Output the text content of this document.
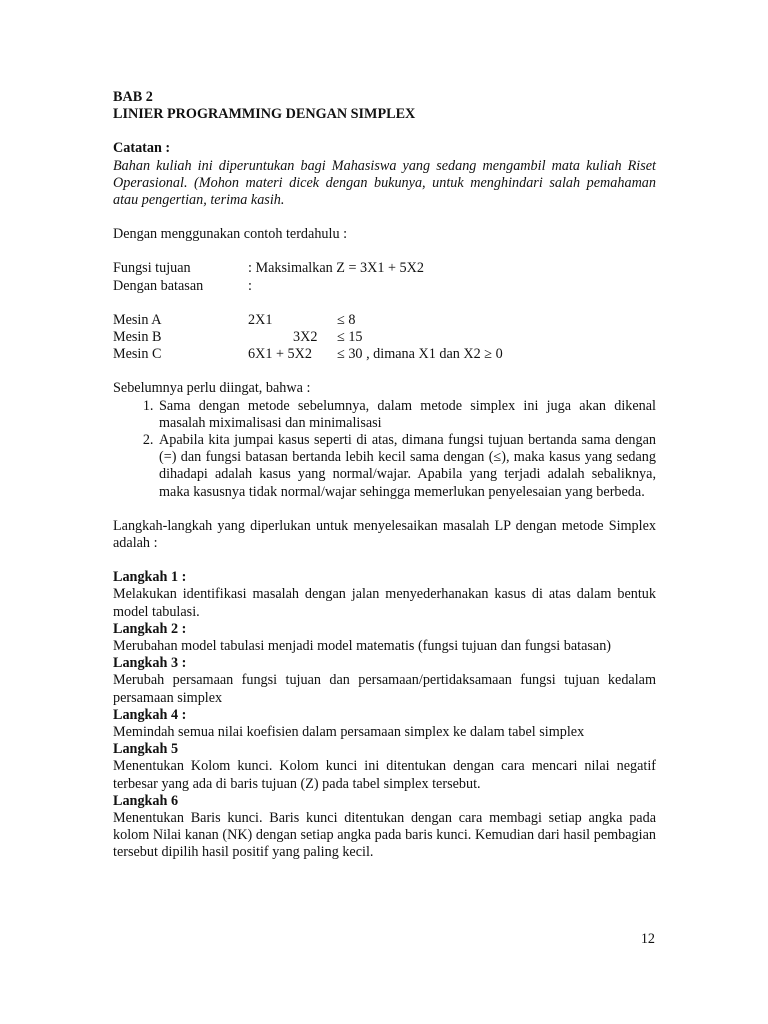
BAB 2

LINIER PROGRAMMING DENGAN SIMPLEX

Catatan :

Bahan kuliah ini diperuntukan bagi Mahasiswa yang sedang mengambil mata kuliah Riset Operasional. (Mohon materi dicek dengan bukunya, untuk menghindari salah pemahaman atau pengertian, terima kasih.

Dengan menggunakan contoh terdahulu :

Fungsi tujuan	: Maksimalkan Z = 3X1 + 5X2
Dengan batasan	:
Mesin A	2X1	≤ 8
Mesin B	3X2 ≤ 15
Mesin C	6X1 + 5X2 ≤ 30 , dimana X1 dan X2 ≥ 0

Sebelumnya perlu diingat, bahwa :

1. Sama dengan metode sebelumnya, dalam metode simplex ini juga akan dikenal masalah miximalisasi dan minimalisasi
2. Apabila kita jumpai kasus seperti di atas, dimana fungsi tujuan bertanda sama dengan (=) dan fungsi batasan bertanda lebih kecil sama dengan (≤), maka kasus yang sedang dihadapi adalah kasus yang normal/wajar. Apabila yang terjadi adalah sebaliknya, maka kasusnya tidak normal/wajar sehingga memerlukan penyelesaian yang berbeda.

Langkah-langkah yang diperlukan untuk menyelesaikan masalah LP dengan metode Simplex adalah :

Langkah 1 :

Melakukan identifikasi masalah dengan jalan menyederhanakan kasus di atas dalam bentuk model tabulasi.

Langkah 2 :

Merubahan model tabulasi menjadi model matematis (fungsi tujuan dan fungsi batasan)

Langkah 3 :

Merubah persamaan fungsi tujuan dan persamaan/pertidaksamaan fungsi tujuan kedalam persamaan simplex

Langkah 4 :

Memindah semua nilai koefisien dalam persamaan simplex ke dalam tabel simplex

Langkah 5

Menentukan Kolom kunci. Kolom kunci ini ditentukan dengan cara mencari nilai negatif terbesar yang ada di baris tujuan (Z) pada tabel simplex tersebut.

Langkah 6

Menentukan Baris kunci. Baris kunci ditentukan dengan cara membagi setiap angka pada kolom Nilai kanan (NK) dengan setiap angka pada baris kunci. Kemudian dari hasil pembagian tersebut dipilih hasil positif yang paling kecil.

12
